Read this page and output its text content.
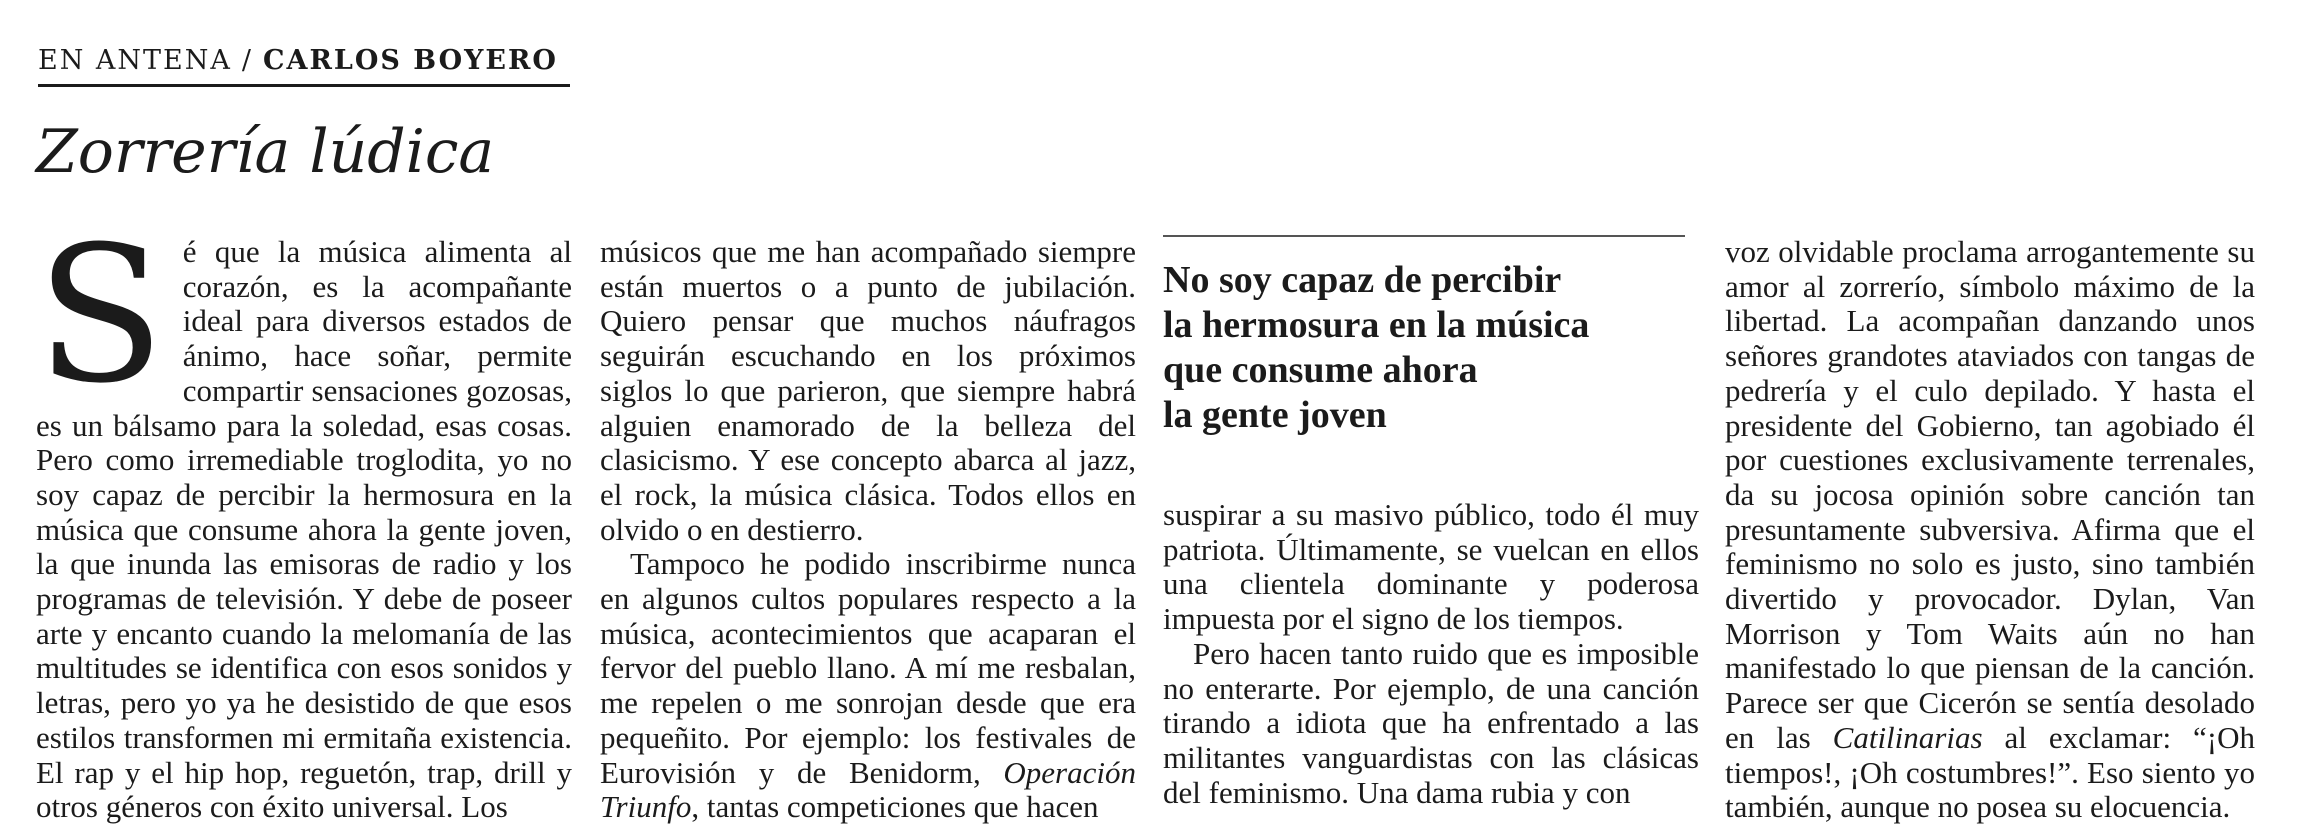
EN ANTENA / CARLOS BOYERO
Zorrería lúdica

Sé que la música alimenta al corazón, es la acompañante ideal para diversos estados de ánimo, hace soñar, permite compartir sensaciones gozosas, es un bálsamo para la soledad, esas cosas. Pero como irremediable troglodita, yo no soy capaz de percibir la hermosura en la música que consume ahora la gente joven, la que inunda las emisoras de radio y los programas de televisión. Y debe de poseer arte y encanto cuando la melomanía de las multitudes se identifica con esos sonidos y letras, pero yo ya he desistido de que esos estilos transformen mi ermitaña existencia. El rap y el hip hop, reguetón, trap, drill y otros géneros con éxito universal. Los

músicos que me han acompañado siempre están muertos o a punto de jubilación. Quiero pensar que muchos náufragos seguirán escuchando en los próximos siglos lo que parieron, que siempre habrá alguien enamorado de la belleza del clasicismo. Y ese concepto abarca al jazz, el rock, la música clásica. Todos ellos en olvido o en destierro.

Tampoco he podido inscribirme nunca en algunos cultos populares respecto a la música, acontecimientos que acaparan el fervor del pueblo llano. A mí me resbalan, me repelen o me sonrojan desde que era pequeñito. Por ejemplo: los festivales de Eurovisión y de Benidorm, Operación Triunfo, tantas competiciones que hacen

No soy capaz de percibir
la hermosura en la música
que consume ahora
la gente joven

suspirar a su masivo público, todo él muy patriota. Últimamente, se vuelcan en ellos una clientela dominante y poderosa impuesta por el signo de los tiempos.

Pero hacen tanto ruido que es imposible no enterarte. Por ejemplo, de una canción tirando a idiota que ha enfrentado a las militantes vanguardistas con las clásicas del feminismo. Una dama rubia y con

voz olvidable proclama arrogantemente su amor al zorrerío, símbolo máximo de la libertad. La acompañan danzando unos señores grandotes ataviados con tangas de pedrería y el culo depilado. Y hasta el presidente del Gobierno, tan agobiado él por cuestiones exclusivamente terrenales, da su jocosa opinión sobre canción tan presuntamente subversiva. Afirma que el feminismo no solo es justo, sino también divertido y provocador. Dylan, Van Morrison y Tom Waits aún no han manifestado lo que piensan de la canción. Parece ser que Cicerón se sentía desolado en las Catilinarias al exclamar: “¡Oh tiempos!, ¡Oh costumbres!”. Eso siento yo también, aunque no posea su elocuencia.
